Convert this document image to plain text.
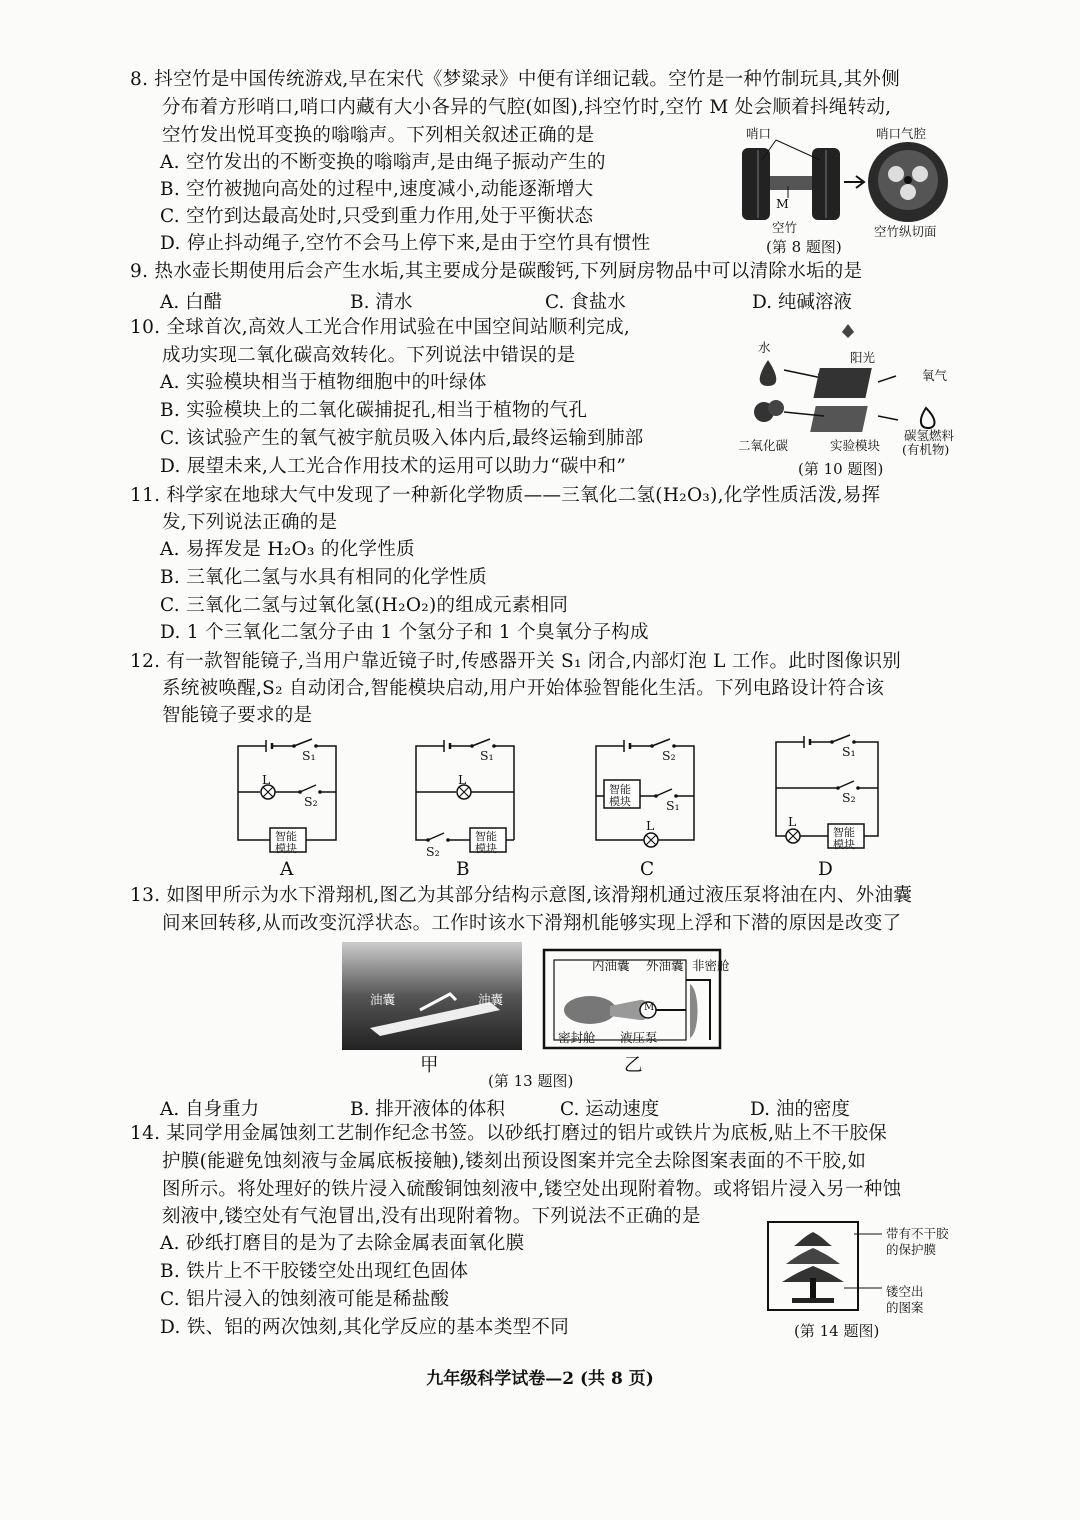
8. 抖空竹是中国传统游戏,早在宋代《梦粱录》中便有详细记载。空竹是一种竹制玩具,其外侧
分布着方形哨口,哨口内藏有大小各异的气腔(如图),抖空竹时,空竹 M 处会顺着抖绳转动,
空竹发出悦耳变换的嗡嗡声。下列相关叙述正确的是
A. 空竹发出的不断变换的嗡嗡声,是由绳子振动产生的
B. 空竹被抛向高处的过程中,速度减小,动能逐渐增大
C. 空竹到达最高处时,只受到重力作用,处于平衡状态
D. 停止抖动绳子,空竹不会马上停下来,是由于空竹具有惯性
哨口	哨口气腔
M
空竹	空竹纵切面
(第 8 题图)
9. 热水壶长期使用后会产生水垢,其主要成分是碳酸钙,下列厨房物品中可以清除水垢的是
A. 白醋	B. 清水	C. 食盐水	D. 纯碱溶液
10. 全球首次,高效人工光合作用试验在中国空间站顺利完成,
成功实现二氧化碳高效转化。下列说法中错误的是
A. 实验模块相当于植物细胞中的叶绿体
B. 实验模块上的二氧化碳捕捉孔,相当于植物的气孔
C. 该试验产生的氧气被宇航员吸入体内后,最终运输到肺部
D. 展望未来,人工光合作用技术的运用可以助力“碳中和”
水
阳光
氧气
二氧化碳	实验模块
碳氢燃料
(有机物)
(第 10 题图)
11. 科学家在地球大气中发现了一种新化学物质——三氧化二氢(H₂O₃),化学性质活泼,易挥
发,下列说法正确的是
A. 易挥发是 H₂O₃ 的化学性质
B. 三氧化二氢与水具有相同的化学性质
C. 三氧化二氢与过氧化氢(H₂O₂)的组成元素相同
D. 1 个三氧化二氢分子由 1 个氢分子和 1 个臭氧分子构成
12. 有一款智能镜子,当用户靠近镜子时,传感器开关 S₁ 闭合,内部灯泡 L 工作。此时图像识别
系统被唤醒,S₂ 自动闭合,智能模块启动,用户开始体验智能化生活。下列电路设计符合该
智能镜子要求的是
S₁
L
S₂
智能
模块
A
S₁
L
S₂
智能
模块
B
S₂
智能
模块	S₁
L
C
S₁
S₂
L
智能
模块
D
13. 如图甲所示为水下滑翔机,图乙为其部分结构示意图,该滑翔机通过液压泵将油在内、外油囊
间来回转移,从而改变沉浮状态。工作时该水下滑翔机能够实现上浮和下潜的原因是改变了
油囊	油囊
内油囊 外油囊 非密舱
密封舱 液压泵
M
甲	乙
(第 13 题图)
A. 自身重力	B. 排开液体的体积	C. 运动速度	D. 油的密度
14. 某同学用金属蚀刻工艺制作纪念书签。以砂纸打磨过的铝片或铁片为底板,贴上不干胶保
护膜(能避免蚀刻液与金属底板接触),镂刻出预设图案并完全去除图案表面的不干胶,如
图所示。将处理好的铁片浸入硫酸铜蚀刻液中,镂空处出现附着物。或将铝片浸入另一种蚀
刻液中,镂空处有气泡冒出,没有出现附着物。下列说法不正确的是
A. 砂纸打磨目的是为了去除金属表面氧化膜
B. 铁片上不干胶镂空处出现红色固体
C. 铝片浸入的蚀刻液可能是稀盐酸
D. 铁、铝的两次蚀刻,其化学反应的基本类型不同
带有不干胶
的保护膜
镂空出
的图案
(第 14 题图)
九年级科学试卷—2 (共 8 页)
